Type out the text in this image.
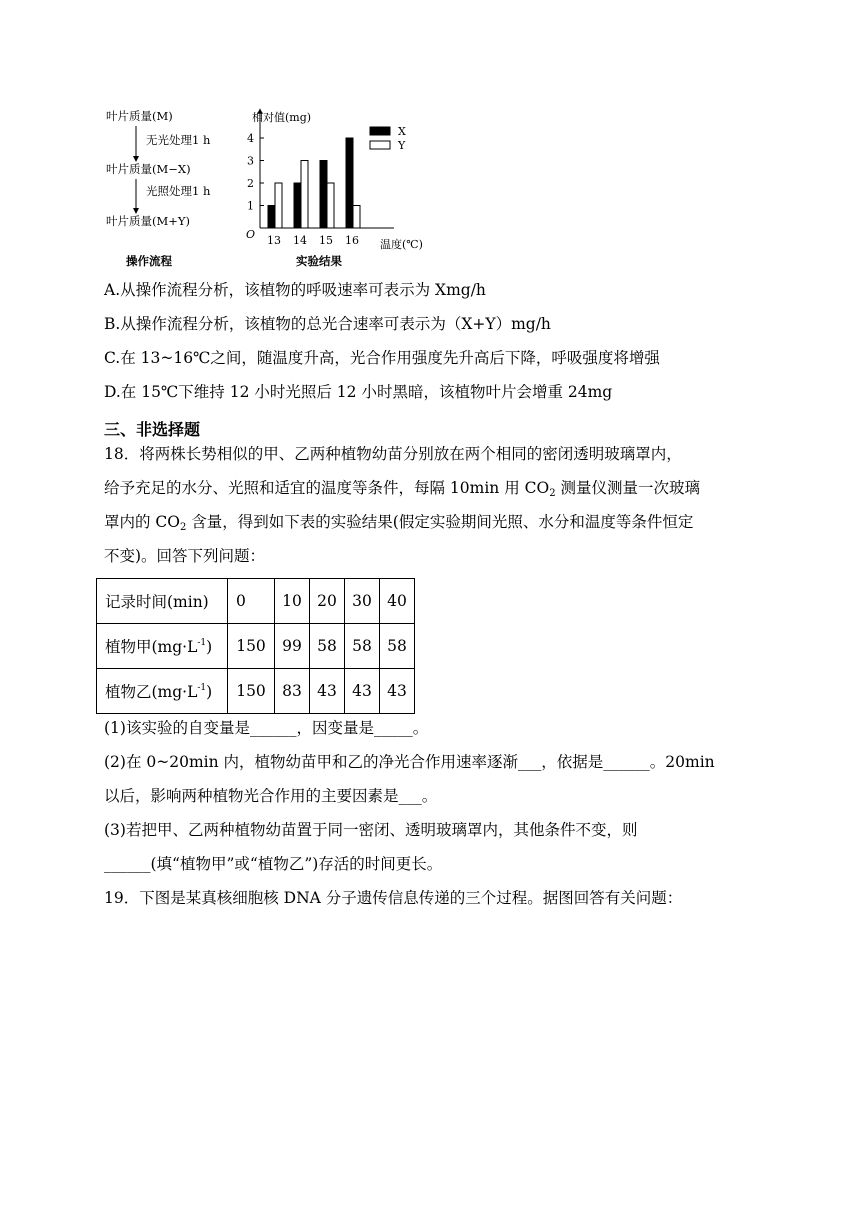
叶片质量(M)
无光处理1 h
叶片质量(M−X)
光照处理1 h
叶片质量(M+Y)
操作流程
相对值(mg)
温度(℃)
O
1
2
3
4
13 14 15 16
X
Y
实验结果
A.从操作流程分析，该植物的呼吸速率可表示为 Xmg/h
B.从操作流程分析，该植物的总光合速率可表示为（X+Y）mg/h
C.在 13~16℃之间，随温度升高，光合作用强度先升高后下降，呼吸强度将增强
D.在 15℃下维持 12 小时光照后 12 小时黑暗，该植物叶片会增重 24mg
三、非选择题
18．将两株长势相似的甲、乙两种植物幼苗分别放在两个相同的密闭透明玻璃罩内，
给予充足的水分、光照和适宜的温度等条件，每隔 10min 用 $CO_2$ 测量仪测量一次玻璃
罩内的 $CO_2$ 含量，得到如下表的实验结果(假定实验期间光照、水分和温度等条件恒定
不变)。回答下列问题：
记录时间(min)	0	10	20	30	40
植物甲$(mg\cdot L^{-1})$	150	99	58	58	58
植物乙$(mg\cdot L^{-1})$	150	83	43	43	43
(1)该实验的自变量是______，因变量是_____。
(2)在 0~20min 内，植物幼苗甲和乙的净光合作用速率逐渐___，依据是______。20min
以后，影响两种植物光合作用的主要因素是___。
(3)若把甲、乙两种植物幼苗置于同一密闭、透明玻璃罩内，其他条件不变，则
______(填“植物甲”或“植物乙”)存活的时间更长。
19．下图是某真核细胞核 DNA 分子遗传信息传递的三个过程。据图回答有关问题：
